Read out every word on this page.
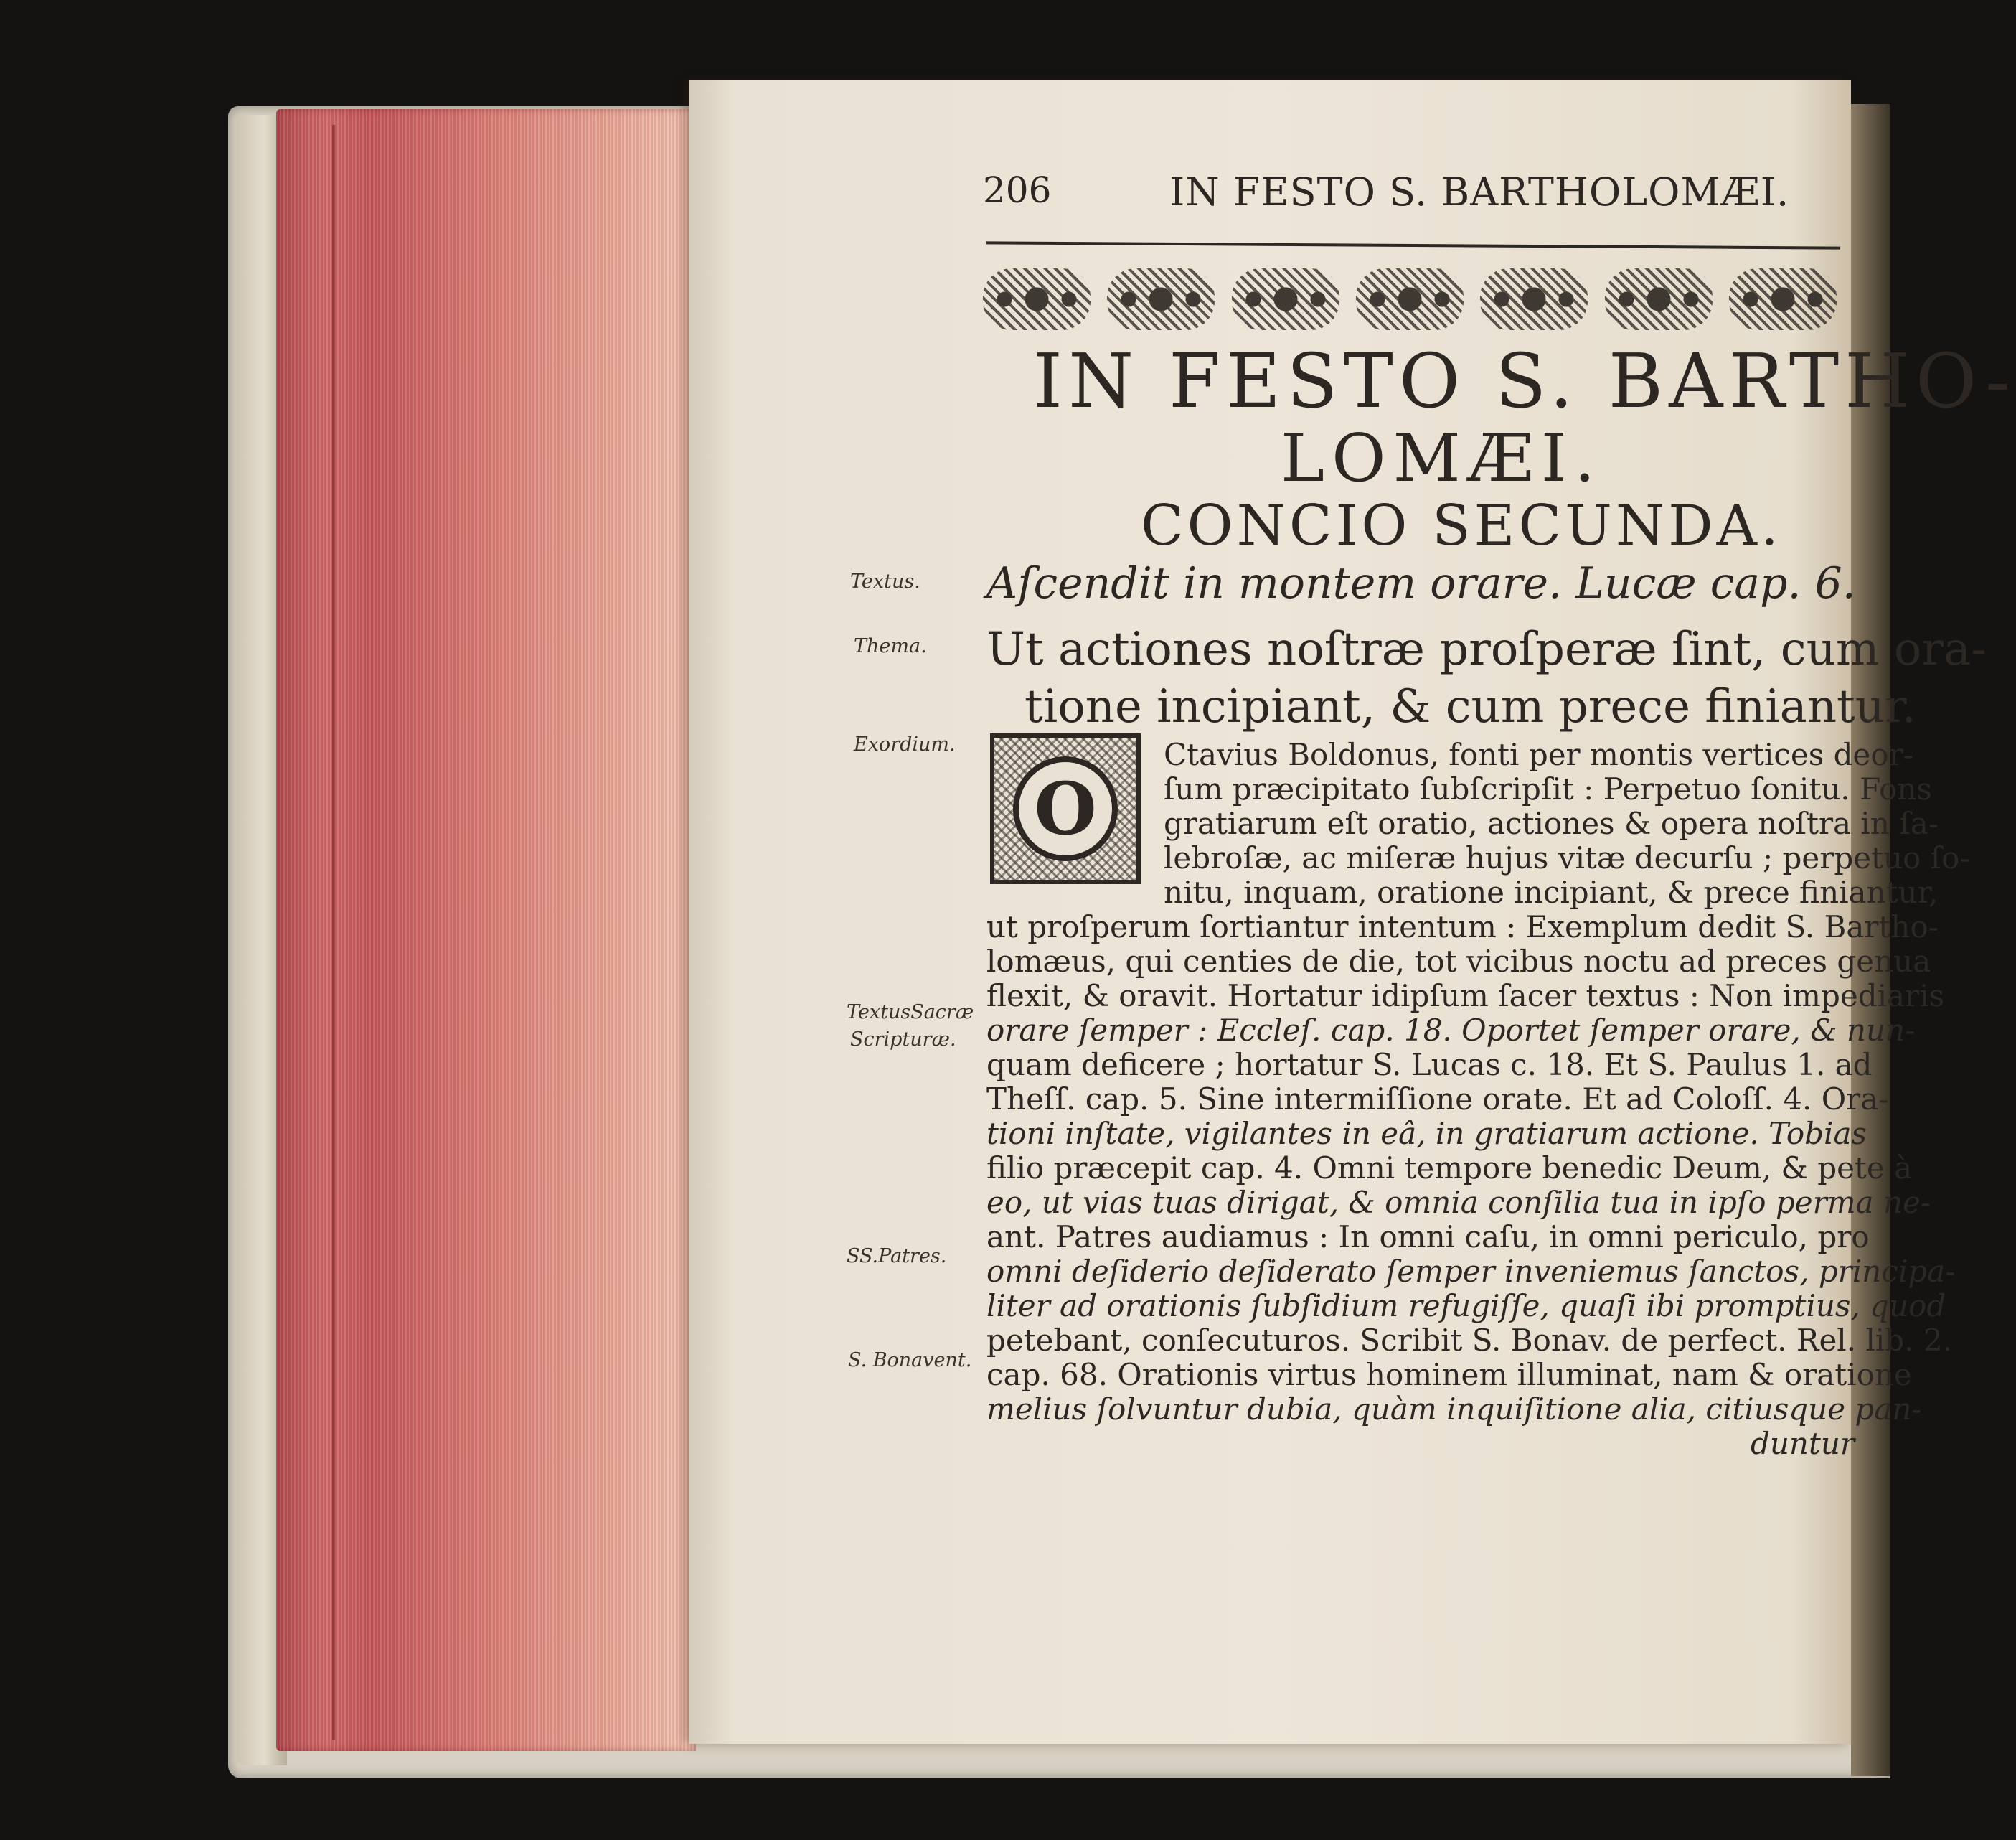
206	IN FESTO S. BARTHOLOMÆI.
IN FESTO S. BARTHO-
LOMÆI.
CONCIO SECUNDA.
Textus.
Thema.
Exordium.
TextusSacræ
Scripturæ.
SS.Patres.
S. Bonavent.
Aſcendit in montem orare. Lucæ cap. 6.
Ut actiones noſtræ proſperæ ſint, cum ora-
tione incipiant, & cum prece finiantur.
O
Ctavius Boldonus, fonti per montis vertices deor-
ſum præcipitato ſubſcripſit : Perpetuo ſonitu. Fons
gratiarum eſt oratio, actiones & opera noſtra in ſa-
lebroſæ, ac miſeræ hujus vitæ decurſu ; perpetuo ſo-
nitu, inquam, oratione incipiant, & prece finiantur,
ut proſperum ſortiantur intentum : Exemplum dedit S. Bartho-
lomæus, qui centies de die, tot vicibus noctu ad preces genua
flexit, & oravit. Hortatur idipſum ſacer textus : Non impediaris
orare ſemper : Eccleſ. cap. 18. Oportet ſemper orare, & nun-
quam deficere ; hortatur S. Lucas c. 18. Et S. Paulus 1. ad
Theſſ. cap. 5. Sine intermiſſione orate. Et ad Coloſſ. 4. Ora-
tioni inſtate, vigilantes in eâ, in gratiarum actione. Tobias
filio præcepit cap. 4. Omni tempore benedic Deum, & pete à
eo, ut vias tuas dirigat, & omnia conſilia tua in ipſo perma ne-
ant. Patres audiamus : In omni caſu, in omni periculo, pro
omni deſiderio deſiderato ſemper inveniemus ſanctos, principa-
liter ad orationis ſubſidium refugiſſe, quaſi ibi promptius, quod
petebant, conſecuturos. Scribit S. Bonav. de perfect. Rel. lib. 2.
cap. 68. Orationis virtus hominem illuminat, nam & oratione
melius ſolvuntur dubia, quàm inquiſitione alia, citiusque pan-
duntur
